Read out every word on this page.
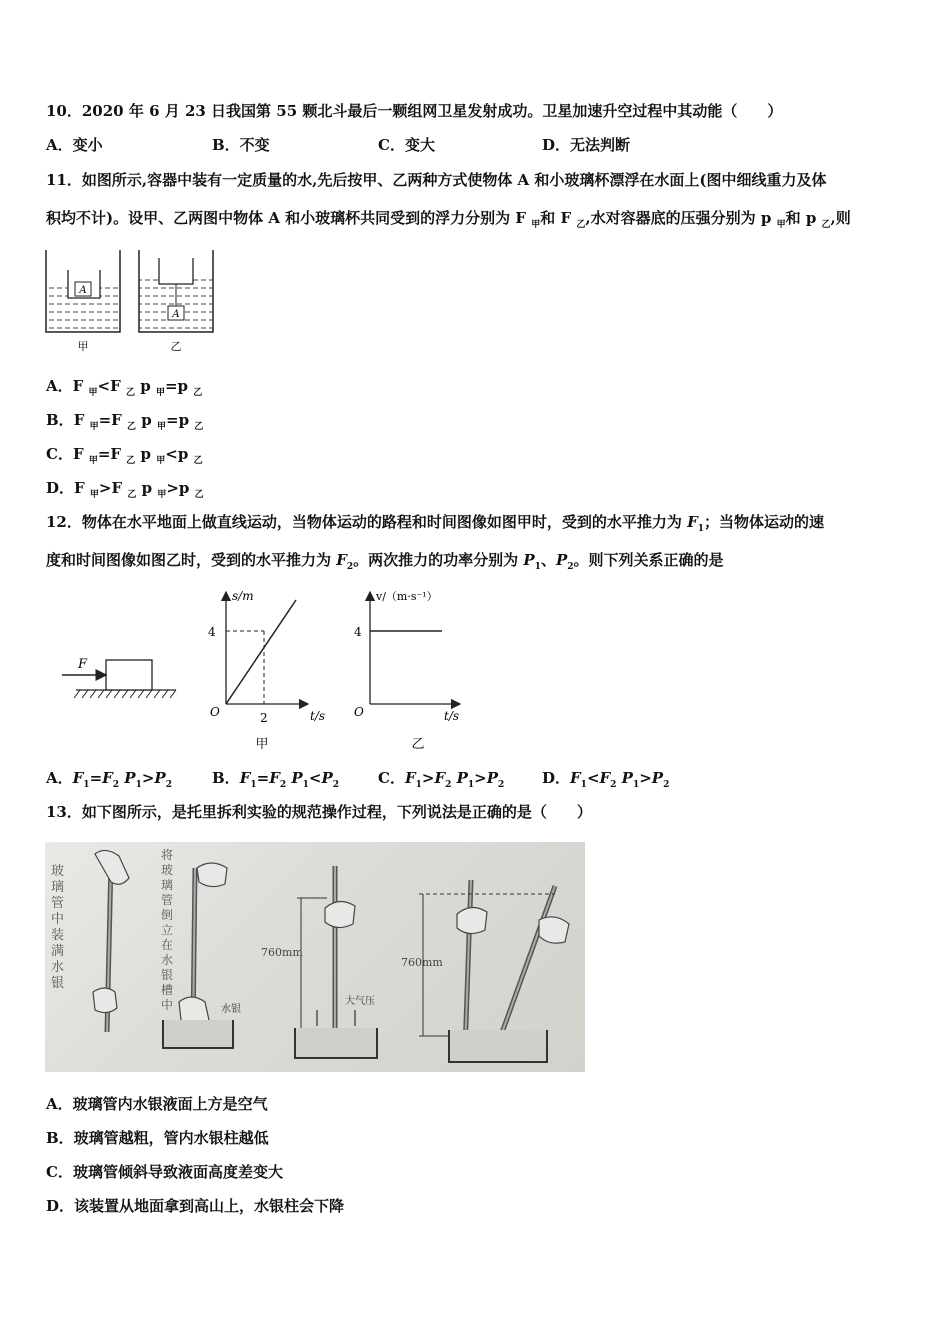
10．2020 年 6 月 23 日我国第 55 颗北斗最后一颗组网卫星发射成功。卫星加速升空过程中其动能（　　）
A．变小	B．不变	C．变大	D．无法判断
11．如图所示,容器中装有一定质量的水,先后按甲、乙两种方式使物体 A 和小玻璃杯漂浮在水面上(图中细线重力及体
积均不计)。设甲、乙两图中物体 A 和小玻璃杯共同受到的浮力分别为 F $_甲$和 F $_乙$,水对容器底的压强分别为 p $_甲$和 p $_乙$,则
A
甲
A
乙
A．F $_甲$<F $_乙$ p $_甲$=p $_乙$
B．F $_甲$=F $_乙$ p $_甲$=p $_乙$
C．F $_甲$=F $_乙$ p $_甲$<p $_乙$
D．F $_甲$>F $_乙$ p $_甲$>p $_乙$
12．物体在水平地面上做直线运动，当物体运动的路程和时间图像如图甲时，受到的水平推力为 $F_1$；当物体运动的速
度和时间图像如图乙时，受到的水平推力为 $F_2$。两次推力的功率分别为 $P_1$、$P_2$。则下列关系正确的是
F
s/m
4
O	2	t/s
甲
v/（m·s⁻¹）
4
O	t/s
乙
A．$F_1=F_2$ $P_1>P_2$	B．$F_1=F_2$ $P_1<P_2$	C．$F_1>F_2$ $P_1>P_2$	D．$F_1<F_2$ $P_1>P_2$
13．如下图所示，是托里拆利实验的规范操作过程，下列说法是正确的是（　　）
玻璃管中装满水银
将玻璃管倒立在水银槽中	水银
760mm
大气压
760mm
A．玻璃管内水银液面上方是空气
B．玻璃管越粗，管内水银柱越低
C．玻璃管倾斜导致液面高度差变大
D．该装置从地面拿到高山上，水银柱会下降
